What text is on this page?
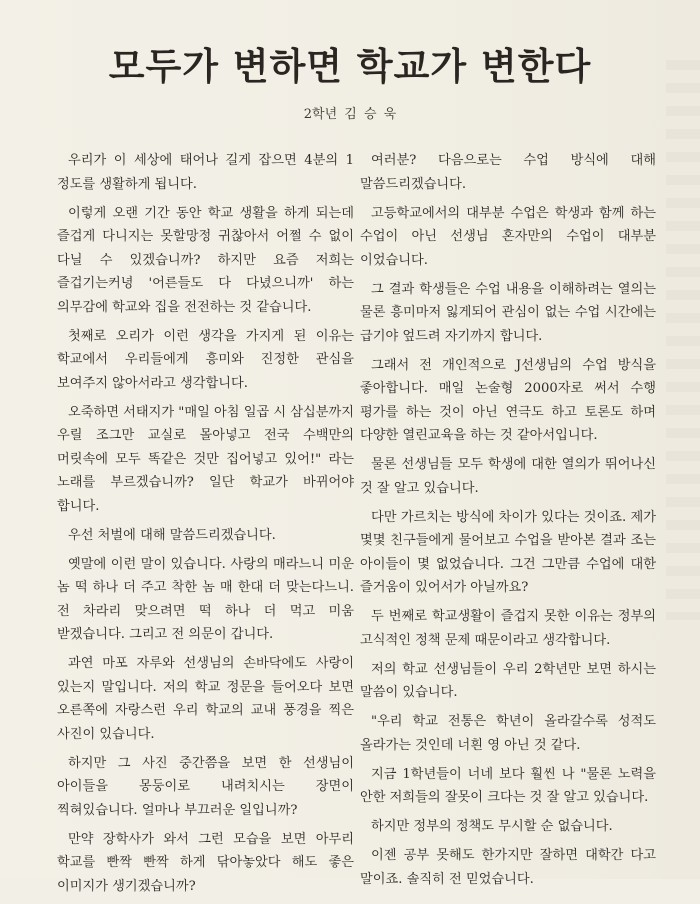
모두가 변하면 학교가 변한다
2학년 김 승 욱

우리가 이 세상에 태어나 길게 잡으면 4분의 1 정도를 생활하게 됩니다.

이렇게 오랜 기간 동안 학교 생활을 하게 되는데 즐겁게 다니지는 못할망정 귀찮아서 어쩔 수 없이 다닐 수 있겠습니까? 하지만 요즘 저희는 즐겁기는커녕 '어른들도 다 다녔으니까' 하는 의무감에 학교와 집을 전전하는 것 같습니다.

첫째로 오리가 이런 생각을 가지게 된 이유는 학교에서 우리들에게 흥미와 진정한 관심을 보여주지 않아서라고 생각합니다.

오죽하면 서태지가 "매일 아침 일곱 시 삼십분까지 우릴 조그만 교실로 몰아넣고 전국 수백만의 머릿속에 모두 똑같은 것만 집어넣고 있어!" 라는 노래를 부르겠습니까? 일단 학교가 바뀌어야 합니다.

우선 처벌에 대해 말씀드리겠습니다.

옛말에 이런 말이 있습니다. 사랑의 매라느니 미운 놈 떡 하나 더 주고 착한 놈 매 한대 더 맞는다느니. 전 차라리 맞으려면 떡 하나 더 먹고 미움 받겠습니다. 그리고 전 의문이 갑니다.

과연 마포 자루와 선생님의 손바닥에도 사랑이 있는지 말입니다. 저의 학교 정문을 들어오다 보면 오른쪽에 자랑스런 우리 학교의 교내 풍경을 찍은 사진이 있습니다.

하지만 그 사진 중간쯤을 보면 한 선생님이 아이들을 몽둥이로 내려치시는 장면이 찍혀있습니다. 얼마나 부끄러운 일입니까?

만약 장학사가 와서 그런 모습을 보면 아무리 학교를 빤짝 빤짝 하게 닦아놓았다 해도 좋은 이미지가 생기겠습니까?

여러분? 다음으로는 수업 방식에 대해 말씀드리겠습니다.

고등학교에서의 대부분 수업은 학생과 함께 하는 수업이 아닌 선생님 혼자만의 수업이 대부분 이었습니다.

그 결과 학생들은 수업 내용을 이해하려는 열의는 물론 흥미마저 잃게되어 관심이 없는 수업 시간에는 급기야 엎드려 자기까지 합니다.

그래서 전 개인적으로 J선생님의 수업 방식을 좋아합니다. 매일 논술형 2000자로 써서 수행 평가를 하는 것이 아닌 연극도 하고 토론도 하며 다양한 열린교육을 하는 것 같아서입니다.

물론 선생님들 모두 학생에 대한 열의가 뛰어나신 것 잘 알고 있습니다.

다만 가르치는 방식에 차이가 있다는 것이죠. 제가 몇몇 친구들에게 물어보고 수업을 받아본 결과 조는 아이들이 몇 없었습니다. 그건 그만큼 수업에 대한 즐거움이 있어서가 아닐까요?

두 번째로 학교생활이 즐겁지 못한 이유는 정부의 고식적인 정책 문제 때문이라고 생각합니다.

저의 학교 선생님들이 우리 2학년만 보면 하시는 말씀이 있습니다.

"우리 학교 전통은 학년이 올라갈수록 성적도 올라가는 것인데 너흰 영 아닌 것 같다.

지금 1학년들이 너네 보다 훨씬 나 "물론 노력을 안한 저희들의 잘못이 크다는 것 잘 알고 있습니다.

하지만 정부의 정책도 무시할 순 없습니다.

이젠 공부 못해도 한가지만 잘하면 대학간 다고 말이죠. 솔직히 전 믿었습니다.
